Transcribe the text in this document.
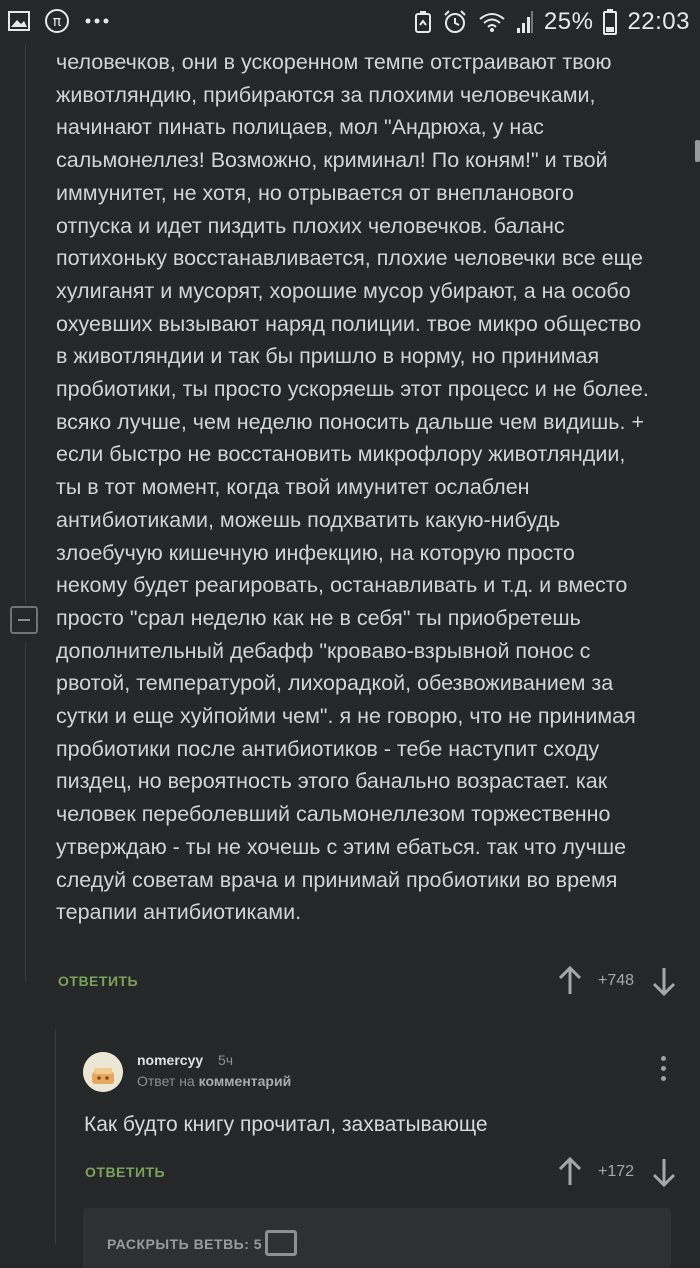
π	25% 22:03

человечков, они в ускоренном темпе отстраивают твою

животляндию, прибираются за плохими человечками,

начинают пинать полицаев, мол "Андрюха, у нас

сальмонеллез! Возможно, криминал! По коням!" и твой

иммунитет, не хотя, но отрывается от внепланового

отпуска и идет пиздить плохих человечков. баланс

потихоньку восстанавливается, плохие человечки все еще

хулиганят и мусорят, хорошие мусор убирают, а на особо

охуевших вызывают наряд полиции. твое микро общество

в животляндии и так бы пришло в норму, но принимая

пробиотики, ты просто ускоряешь этот процесс и не более.

всяко лучше, чем неделю поносить дальше чем видишь. +

если быстро не восстановить микрофлору животляндии,

ты в тот момент, когда твой имунитет ослаблен

антибиотиками, можешь подхватить какую-нибудь

злоебучую кишечную инфекцию, на которую просто

некому будет реагировать, останавливать и т.д. и вместо

просто "срал неделю как не в себя" ты приобретешь

дополнительный дебафф "кроваво-взрывной понос с

рвотой, температурой, лихорадкой, обезвоживанием за

сутки и еще хуйпойми чем". я не говорю, что не принимая

пробиотики после антибиотиков - тебе наступит сходу

пиздец, но вероятность этого банально возрастает. как

человек переболевший сальмонеллезом торжественно

утверждаю - ты не хочешь с этим ебаться. так что лучше

следуй советам врача и принимай пробиотики во время

терапии антибиотиками.

ОТВЕТИТЬ	+748
nomercyy 5ч
Ответ на комментарий
Как будто книгу прочитал, захватывающе
ОТВЕТИТЬ	+172
РАСКРЫТЬ ВЕТВЬ: 5
